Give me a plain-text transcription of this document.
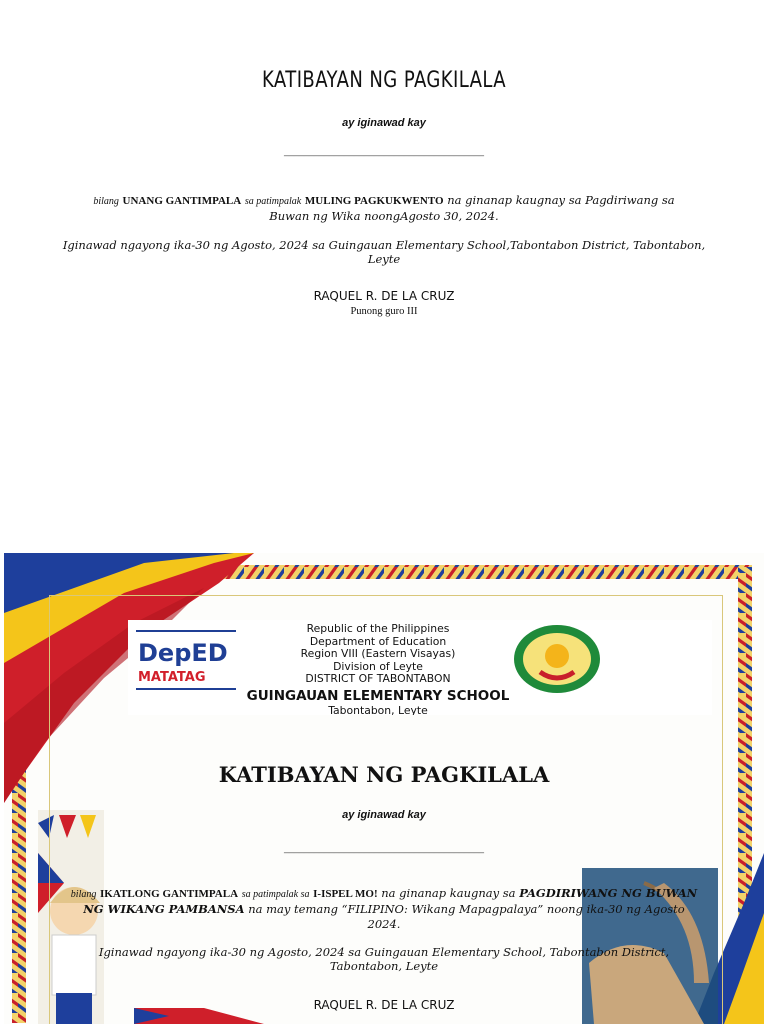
KATIBAYAN NG PAGKILALA
ay iginawad kay
________________________________________
bilang UNANG GANTIMPALA sa patimpalak MULING PAGKUKWENTO na ginanap kaugnay sa Pagdiriwang sa Buwan ng Wika noongAgosto 30, 2024.
Iginawad ngayong ika-30 ng Agosto, 2024 sa Guingauan Elementary School,Tabontabon District, Tabontabon, Leyte
RAQUEL R. DE LA CRUZ
Punong guro III
DepED
MATATAG
Republic of the Philippines
Department of Education
Region VIII (Eastern Visayas)
Division of Leyte
DISTRICT OF TABONTABON
GUINGAUAN ELEMENTARY SCHOOL
Tabontabon, Leyte
KATIBAYAN NG PAGKILALA
ay iginawad kay
________________________________________
bilang IKATLONG GANTIMPALA sa patimpalak sa I-ISPEL MO! na ginanap kaugnay sa PAGDIRIWANG NG BUWAN NG WIKANG PAMBANSA na may temang “FILIPINO: Wikang Mapagpalaya” noong ika-30 ng Agosto 2024.
Iginawad ngayong ika-30 ng Agosto, 2024 sa Guingauan Elementary School, Tabontabon District, Tabontabon, Leyte
RAQUEL R. DE LA CRUZ
